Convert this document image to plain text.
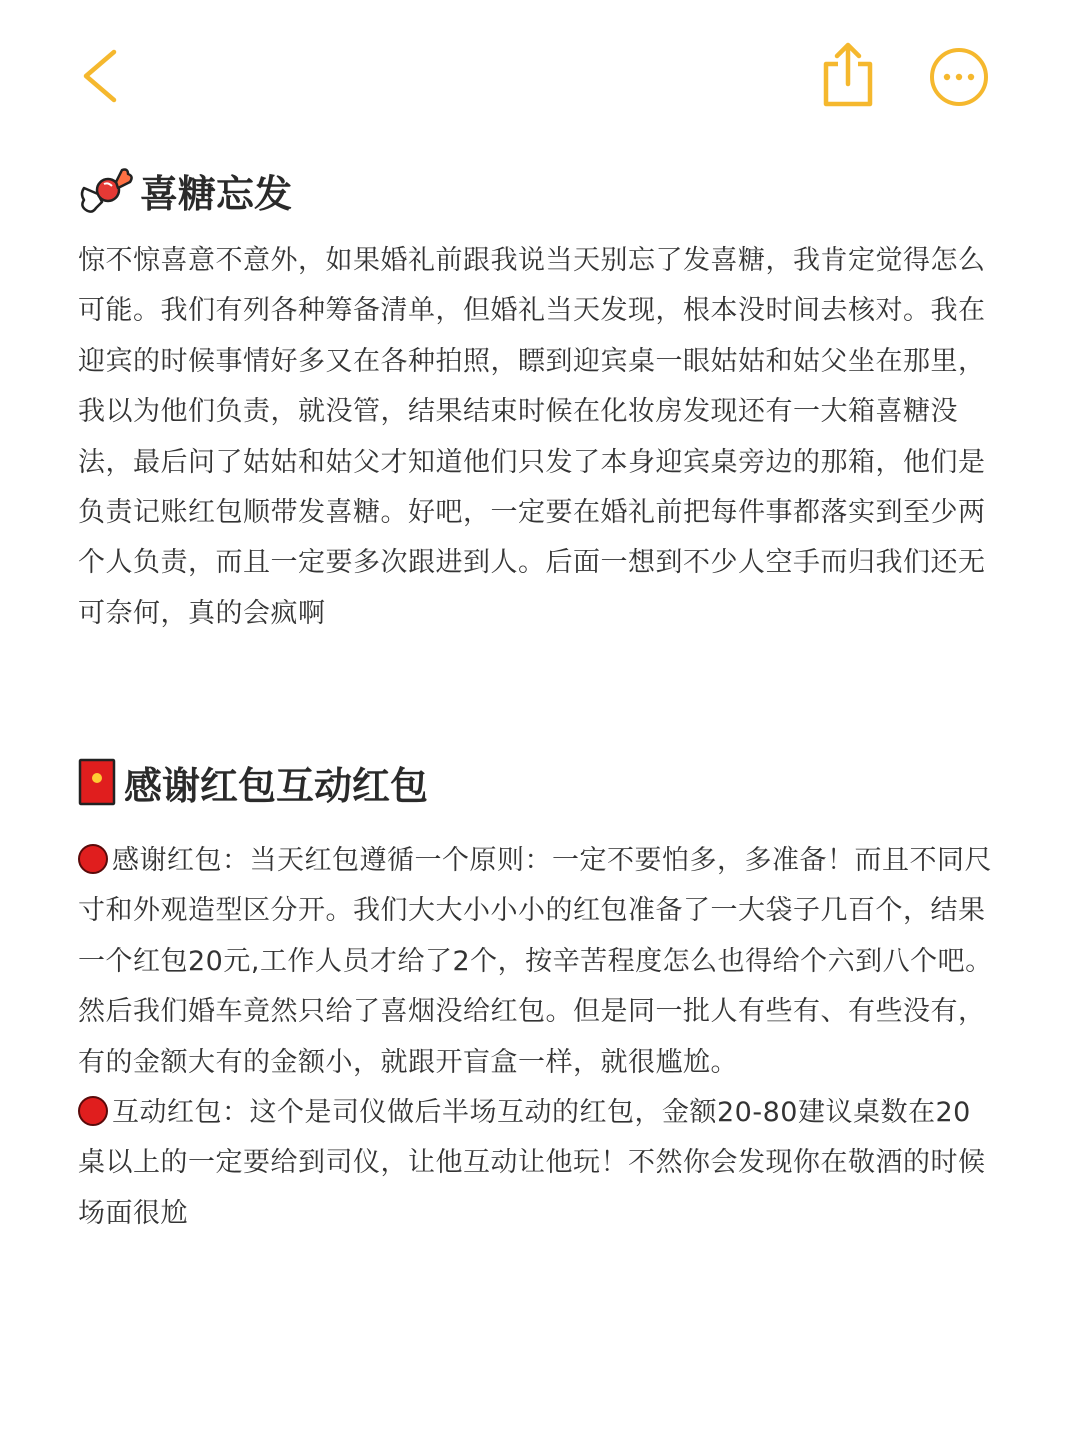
喜糖忘发

惊不惊喜意不意外，如果婚礼前跟我说当天别忘了发喜糖，我肯定觉得怎么可能。我们有列各种筹备清单，但婚礼当天发现，根本没时间去核对。我在迎宾的时候事情好多又在各种拍照，瞟到迎宾桌一眼姑姑和姑父坐在那里，我以为他们负责，就没管，结果结束时候在化妆房发现还有一大箱喜糖没法，最后问了姑姑和姑父才知道他们只发了本身迎宾桌旁边的那箱，他们是负责记账红包顺带发喜糖。好吧，一定要在婚礼前把每件事都落实到至少两个人负责，而且一定要多次跟进到人。后面一想到不少人空手而归我们还无可奈何，真的会疯啊

感谢红包互动红包

感谢红包：当天红包遵循一个原则：一定不要怕多，多准备！而且不同尺寸和外观造型区分开。我们大大小小小的红包准备了一大袋子几百个，结果一个红包20元,工作人员才给了2个，按辛苦程度怎么也得给个六到八个吧。然后我们婚车竟然只给了喜烟没给红包。但是同一批人有些有、有些没有，有的金额大有的金额小，就跟开盲盒一样，就很尴尬。

互动红包：这个是司仪做后半场互动的红包，金额20-80建议桌数在20桌以上的一定要给到司仪，让他互动让他玩！不然你会发现你在敬酒的时候场面很尬
